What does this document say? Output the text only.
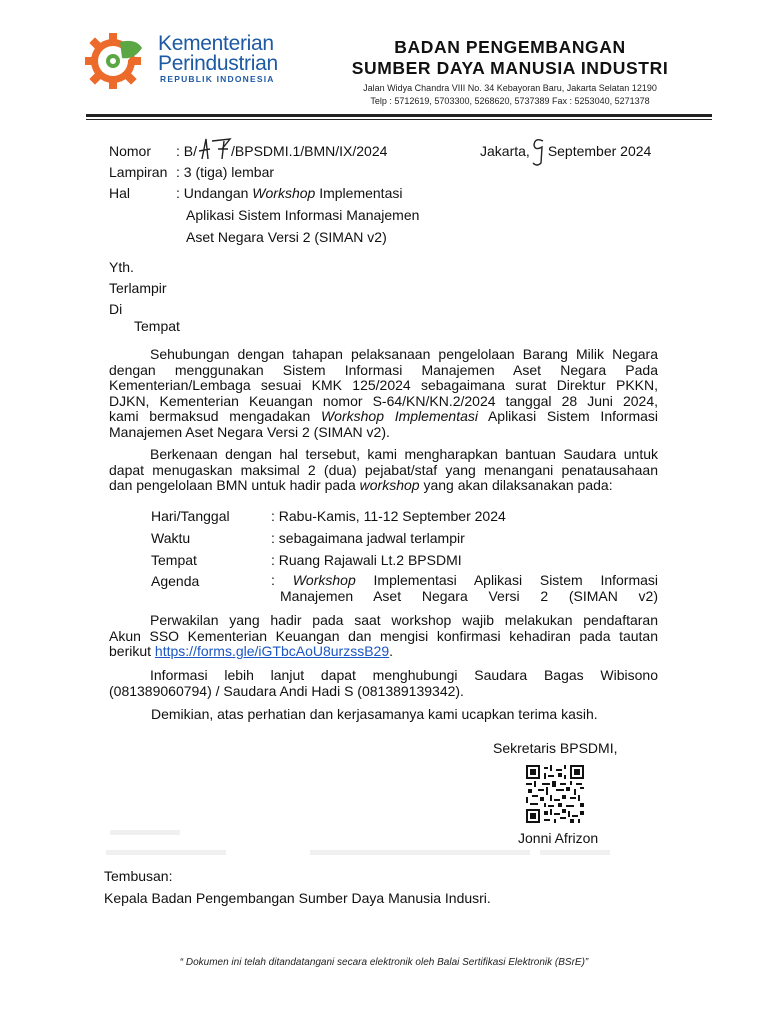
Kementerian
Perindustrian
REPUBLIK INDONESIA
BADAN PENGEMBANGAN
SUMBER DAYA MANUSIA INDUSTRI
Jalan Widya Chandra VIII No. 34 Kebayoran Baru, Jakarta Selatan 12190
Telp : 5712619, 5703300, 5268620, 5737389 Fax : 5253040, 5271378
Nomor : B/ /BPSDMI.1/BMN/IX/2024
Lampiran : 3 (tiga) lembar
Hal	: Undangan Workshop Implementasi
Aplikasi Sistem Informasi Manajemen
Aset Negara Versi 2 (SIMAN v2)
Jakarta, September 2024
Yth.
Terlampir
Di
Tempat
Sehubungan dengan tahapan pelaksanaan pengelolaan Barang Milik Negara
dengan menggunakan Sistem Informasi Manajemen Aset Negara Pada
Kementerian/Lembaga sesuai KMK 125/2024 sebagaimana surat Direktur PKKN,
DJKN, Kementerian Keuangan nomor S-64/KN/KN.2/2024 tanggal 28 Juni 2024,
kami bermaksud mengadakan Workshop Implementasi Aplikasi Sistem Informasi
Manajemen Aset Negara Versi 2 (SIMAN v2).
Berkenaan dengan hal tersebut, kami mengharapkan bantuan Saudara untuk
dapat menugaskan maksimal 2 (dua) pejabat/staf yang menangani penatausahaan
dan pengelolaan BMN untuk hadir pada workshop yang akan dilaksanakan pada:
Hari/Tanggal	: Rabu-Kamis, 11-12 September 2024
Waktu	: sebagaimana jadwal terlampir
Tempat	: Ruang Rajawali Lt.2 BPSDMI
Agenda	: Workshop Implementasi Aplikasi Sistem Informasi
Manajemen Aset Negara Versi 2 (SIMAN v2)
Perwakilan yang hadir pada saat workshop wajib melakukan pendaftaran
Akun SSO Kementerian Keuangan dan mengisi konfirmasi kehadiran pada tautan
berikut https://forms.gle/iGTbcAoU8urzssB29.
Informasi lebih lanjut dapat menghubungi Saudara Bagas Wibisono
(081389060794) / Saudara Andi Hadi S (081389139342).
Demikian, atas perhatian dan kerjasamanya kami ucapkan terima kasih.
Sekretaris BPSDMI,
Jonni Afrizon
Tembusan:
Kepala Badan Pengembangan Sumber Daya Manusia Indusri.
“ Dokumen ini telah ditandatangani secara elektronik oleh Balai Sertifikasi Elektronik (BSrE)”
